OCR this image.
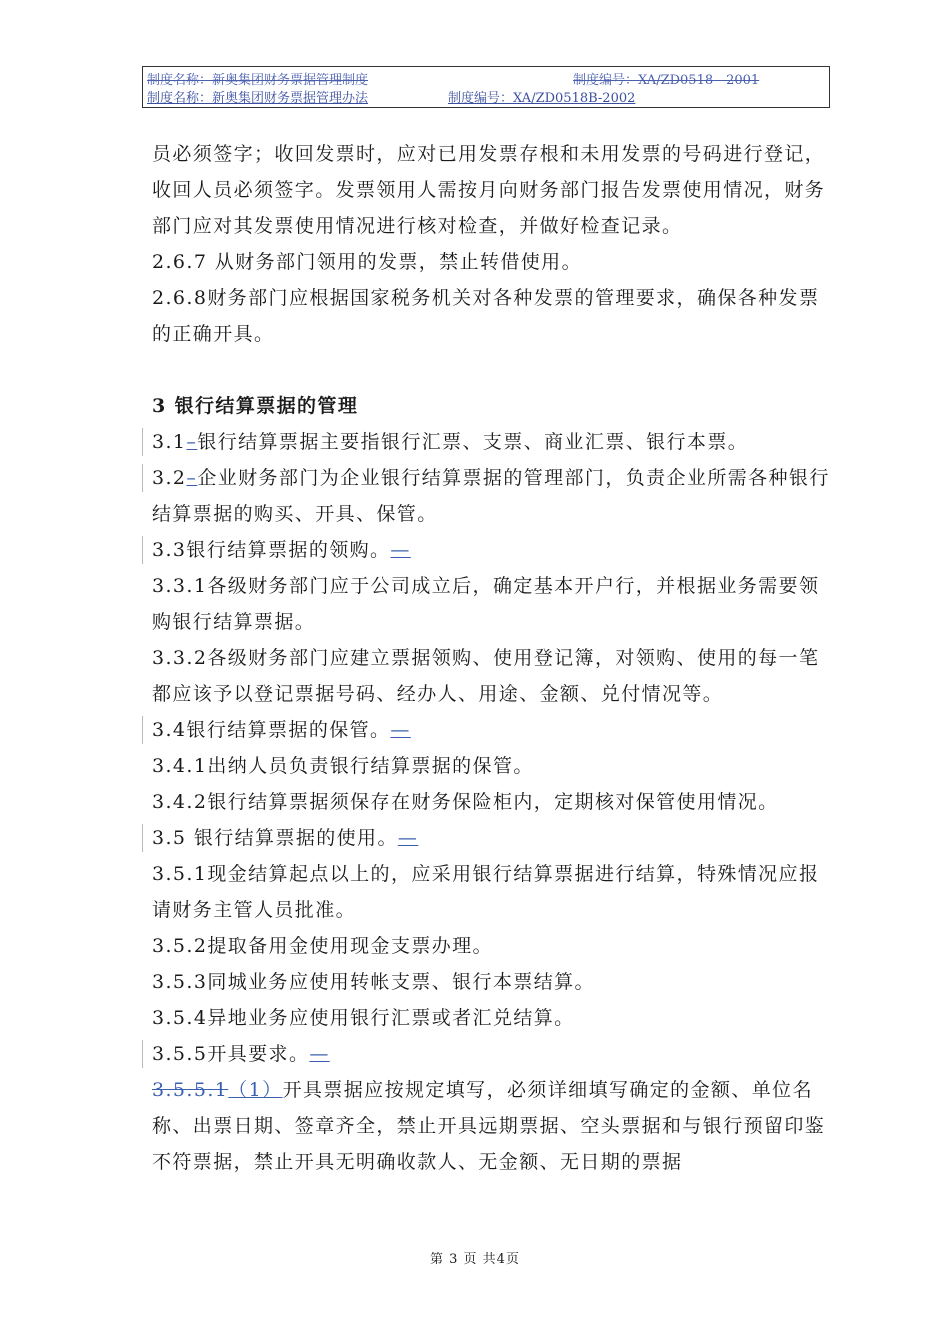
制度名称：新奥集团财务票据管理制度	制度编号：XA/ZD0518—2001
制度名称：新奥集团财务票据管理办法	制度编号：XA/ZD0518B-2002

员必须签字；收回发票时，应对已用发票存根和未用发票的号码进行登记，收回人员必须签字。发票领用人需按月向财务部门报告发票使用情况，财务部门应对其发票使用情况进行核对检查，并做好检查记录。

2.6.7 从财务部门领用的发票，禁止转借使用。

2.6.8财务部门应根据国家税务机关对各种发票的管理要求，确保各种发票的正确开具。

3 银行结算票据的管理

3.1–银行结算票据主要指银行汇票、支票、商业汇票、银行本票。

3.2–企业财务部门为企业银行结算票据的管理部门，负责企业所需各种银行结算票据的购买、开具、保管。

3.3银行结算票据的领购。—

3.3.1各级财务部门应于公司成立后，确定基本开户行，并根据业务需要领购银行结算票据。

3.3.2各级财务部门应建立票据领购、使用登记簿，对领购、使用的每一笔都应该予以登记票据号码、经办人、用途、金额、兑付情况等。

3.4银行结算票据的保管。—

3.4.1出纳人员负责银行结算票据的保管。

3.4.2银行结算票据须保存在财务保险柜内，定期核对保管使用情况。

3.5 银行结算票据的使用。—

3.5.1现金结算起点以上的，应采用银行结算票据进行结算，特殊情况应报请财务主管人员批准。

3.5.2提取备用金使用现金支票办理。

3.5.3同城业务应使用转帐支票、银行本票结算。

3.5.4异地业务应使用银行汇票或者汇兑结算。

3.5.5开具要求。—

3.5.5.1（1）开具票据应按规定填写，必须详细填写确定的金额、单位名称、出票日期、签章齐全，禁止开具远期票据、空头票据和与银行预留印鉴不符票据，禁止开具无明确收款人、无金额、无日期的票据

第 3 页 共4页
